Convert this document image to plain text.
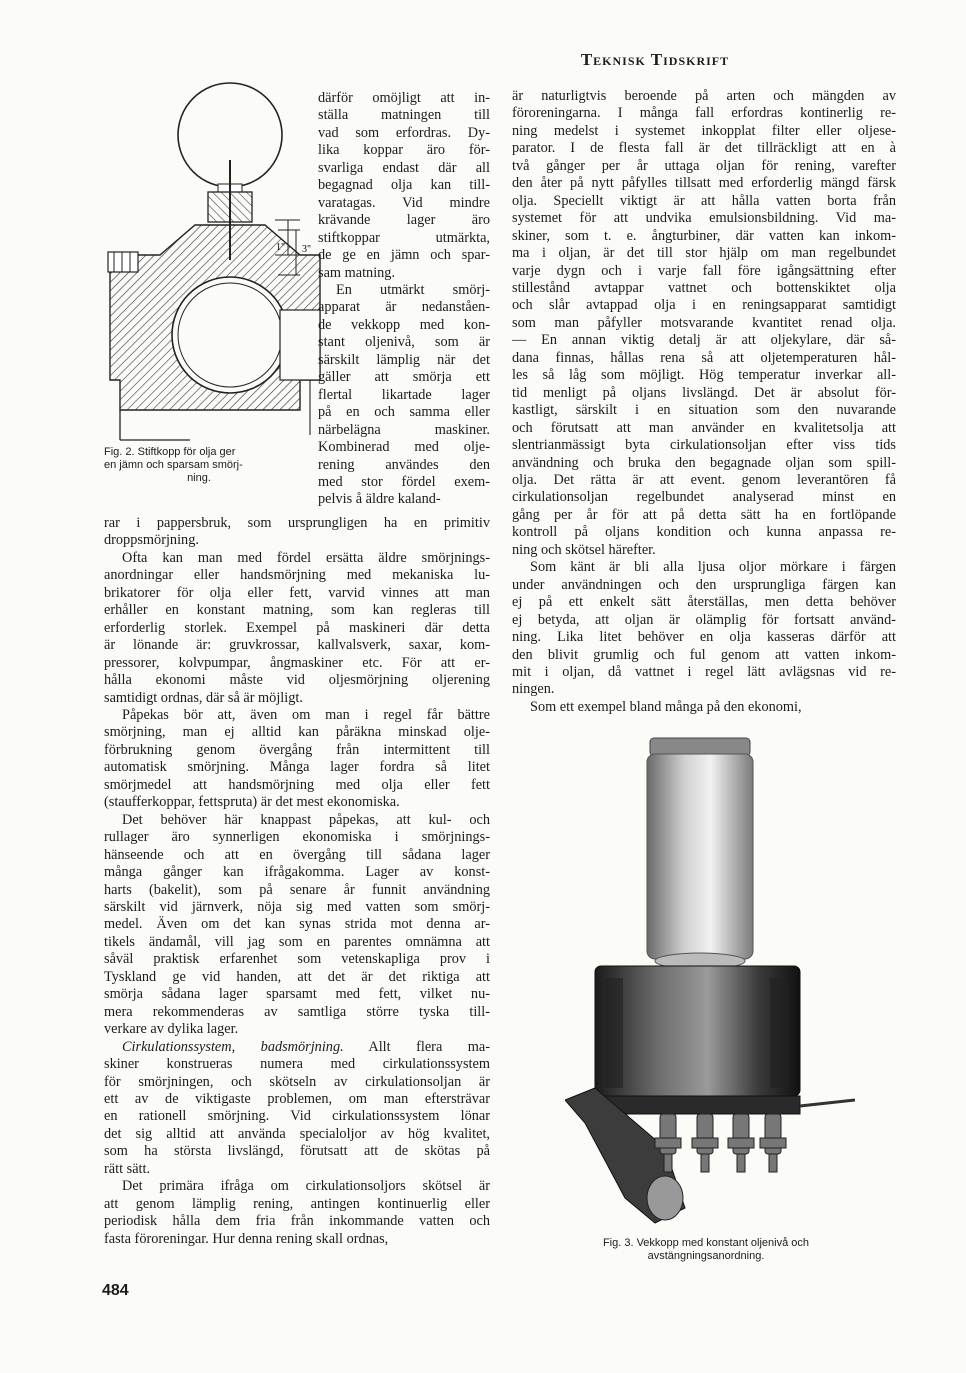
Teknisk Tidskrift
1" 3"
Fig. 2. Stiftkopp för olja ger
en jämn och sparsam smörj-
ning.
därför omöjligt att in-
ställa matningen till
vad som erfordras. Dy-
lika koppar äro för-
svarliga endast där all
begagnad olja kan till-
varatagas. Vid mindre
krävande lager äro
stiftkoppar utmärkta,
de ge en jämn och spar-
sam matning.
En utmärkt smörj-
apparat är nedanståen-
de vekkopp med kon-
stant oljenivå, som är
särskilt lämplig när det
gäller att smörja ett
flertal likartade lager
på en och samma eller
närbelägna maskiner.
Kombinerad med olje-
rening användes den
med stor fördel exem-
pelvis å äldre kaland-
rar i pappersbruk, som ursprungligen ha en primitiv
droppsmörjning.
Ofta kan man med fördel ersätta äldre smörjnings-
anordningar eller handsmörjning med mekaniska lu-
brikatorer för olja eller fett, varvid vinnes att man
erhåller en konstant matning, som kan regleras till
erforderlig storlek. Exempel på maskineri där detta
är lönande är: gruvkrossar, kallvalsverk, saxar, kom-
pressorer, kolvpumpar, ångmaskiner etc. För att er-
hålla ekonomi måste vid oljesmörjning oljerening
samtidigt ordnas, där så är möjligt.
Påpekas bör att, även om man i regel får bättre
smörjning, man ej alltid kan påräkna minskad olje-
förbrukning genom övergång från intermittent till
automatisk smörjning. Många lager fordra så litet
smörjmedel att handsmörjning med olja eller fett
(staufferkoppar, fettspruta) är det mest ekonomiska.
Det behöver här knappast påpekas, att kul- och
rullager äro synnerligen ekonomiska i smörjnings-
hänseende och att en övergång till sådana lager
många gånger kan ifrågakomma. Lager av konst-
harts (bakelit), som på senare år funnit användning
särskilt vid järnverk, nöja sig med vatten som smörj-
medel. Även om det kan synas strida mot denna ar-
tikels ändamål, vill jag som en parentes omnämna att
såväl praktisk erfarenhet som vetenskapliga prov i
Tyskland ge vid handen, att det är det riktiga att
smörja sådana lager sparsamt med fett, vilket nu-
mera rekommenderas av samtliga större tyska till-
verkare av dylika lager.
Cirkulationssystem, badsmörjning. Allt flera ma-
skiner konstrueras numera med cirkulationssystem
för smörjningen, och skötseln av cirkulationsoljan är
ett av de viktigaste problemen, om man eftersträvar
en rationell smörjning. Vid cirkulationssystem lönar
det sig alltid att använda specialoljor av hög kvalitet,
som ha största livslängd, förutsatt att de skötas på
rätt sätt.
Det primära ifråga om cirkulationsoljors skötsel är
att genom lämplig rening, antingen kontinuerlig eller
periodisk hålla dem fria från inkommande vatten och
fasta föroreningar. Hur denna rening skall ordnas,
är naturligtvis beroende på arten och mängden av
föroreningarna. I många fall erfordras kontinerlig re-
ning medelst i systemet inkopplat filter eller oljese-
parator. I de flesta fall är det tillräckligt att en à
två gånger per år uttaga oljan för rening, varefter
den åter på nytt påfylles tillsatt med erforderlig mängd färsk
olja. Speciellt viktigt är att hålla vatten borta från
systemet för att undvika emulsionsbildning. Vid ma-
skiner, som t. e. ångturbiner, där vatten kan inkom-
ma i oljan, är det till stor hjälp om man regelbundet
varje dygn och i varje fall före igångsättning efter
stillestånd avtappar vattnet och bottenskiktet olja
och slår avtappad olja i en reningsapparat samtidigt
som man påfyller motsvarande kvantitet renad olja.
— En annan viktig detalj är att oljekylare, där så-
dana finnas, hållas rena så att oljetemperaturen hål-
les så låg som möjligt. Hög temperatur inverkar all-
tid menligt på oljans livslängd. Det är absolut för-
kastligt, särskilt i en situation som den nuvarande
och förutsatt att man använder en kvalitetsolja att
slentrianmässigt byta cirkulationsoljan efter viss tids
användning och bruka den begagnade oljan som spill-
olja. Det rätta är att event. genom leverantören få
cirkulationsoljan regelbundet analyserad minst en
gång per år för att på detta sätt ha en fortlöpande
kontroll på oljans kondition och kunna anpassa re-
ning och skötsel härefter.
Som känt är bli alla ljusa oljor mörkare i färgen
under användningen och den ursprungliga färgen kan
ej på ett enkelt sätt återställas, men detta behöver
ej betyda, att oljan är olämplig för fortsatt använd-
ning. Lika litet behöver en olja kasseras därför att
den blivit grumlig och ful genom att vatten inkom-
mit i oljan, då vattnet i regel lätt avlägsnas vid re-
ningen.
Som ett exempel bland många på den ekonomi,
Fig. 3. Vekkopp med konstant oljenivå och
avstängningsanordning.
484
